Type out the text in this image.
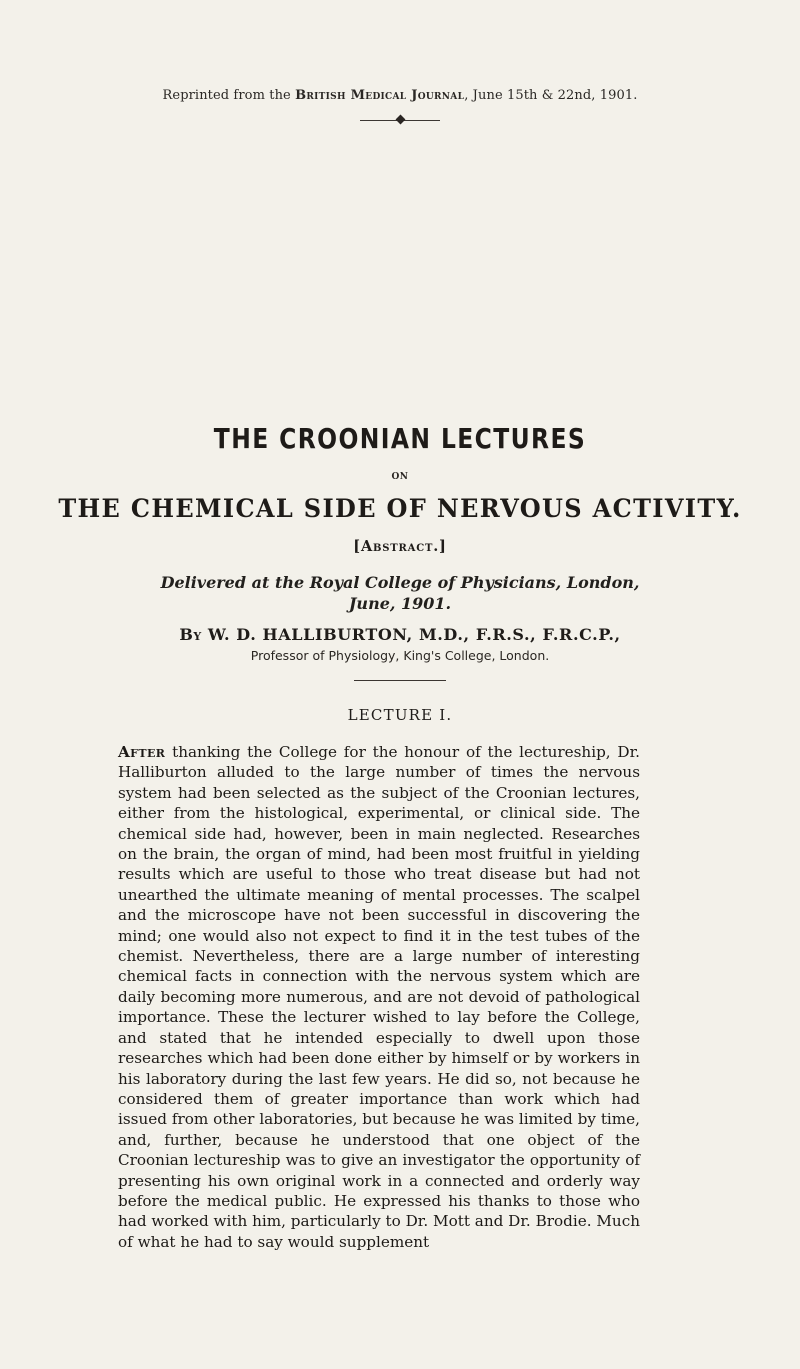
Reprinted from the British Medical Journal, June 15th & 22nd, 1901.
THE CROONIAN LECTURES
ON
THE CHEMICAL SIDE OF NERVOUS ACTIVITY.
[Abstract.]
Delivered at the Royal College of Physicians, London,
June, 1901.
By W. D. HALLIBURTON, M.D., F.R.S., F.R.C.P.,
Professor of Physiology, King's College, London.
LECTURE I.

After thanking the College for the honour of the lectureship, Dr. Halliburton alluded to the large number of times the nervous system had been selected as the subject of the Croonian lectures, either from the histological, experimental, or clinical side. The chemical side had, however, been in main neglected. Researches on the brain, the organ of mind, had been most fruitful in yielding results which are useful to those who treat disease but had not unearthed the ultimate meaning of mental processes. The scalpel and the microscope have not been successful in discovering the mind; one would also not expect to find it in the test tubes of the chemist. Nevertheless, there are a large number of interesting chemical facts in connection with the nervous system which are daily becoming more numerous, and are not devoid of pathological importance. These the lecturer wished to lay before the College, and stated that he intended especially to dwell upon those researches which had been done either by himself or by workers in his laboratory during the last few years. He did so, not because he considered them of greater importance than work which had issued from other laboratories, but because he was limited by time, and, further, because he understood that one object of the Croonian lectureship was to give an investigator the opportunity of presenting his own original work in a connected and orderly way before the medical public. He expressed his thanks to those who had worked with him, particularly to Dr. Mott and Dr. Brodie. Much of what he had to say would supplement
